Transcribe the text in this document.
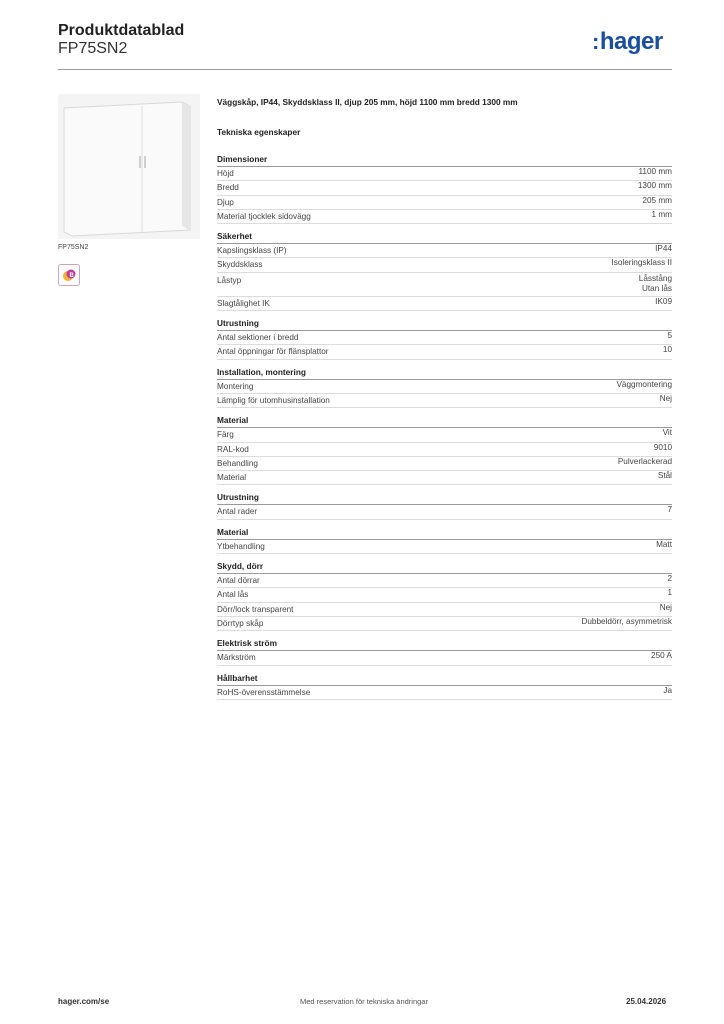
Produktdatablad
FP75SN2	:hager
FP75SN2
B

Väggskåp, IP44, Skyddsklass II, djup 205 mm, höjd 1100 mm bredd 1300 mm

Tekniska egenskaper

Dimensioner
Höjd	1100 mm
Bredd	1300 mm
Djup	205 mm
Material tjocklek sidovägg	1 mm
Säkerhet
Kapslingsklass (IP)	IP44
Skyddsklass	Isoleringsklass II
Låstyp	Låsstång
Utan lås
Slagtålighet IK	IK09
Utrustning
Antal sektioner i bredd	5
Antal öppningar för flänsplattor	10
Installation, montering
Montering	Väggmontering
Lämplig för utomhusinstallation	Nej
Material
Färg	Vit
RAL-kod	9010
Behandling	Pulverlackerad
Material	Stål
Utrustning
Antal rader	7
Material
Ytbehandling	Matt
Skydd, dörr
Antal dörrar	2
Antal lås	1
Dörr/lock transparent	Nej
Dörrtyp skåp	Dubbeldörr, asymmetrisk
Elektrisk ström
Märkström	250 A
Hållbarhet
RoHS-överensstämmelse	Ja
hager.com/se	Med reservation för tekniska ändringar	25.04.2026
